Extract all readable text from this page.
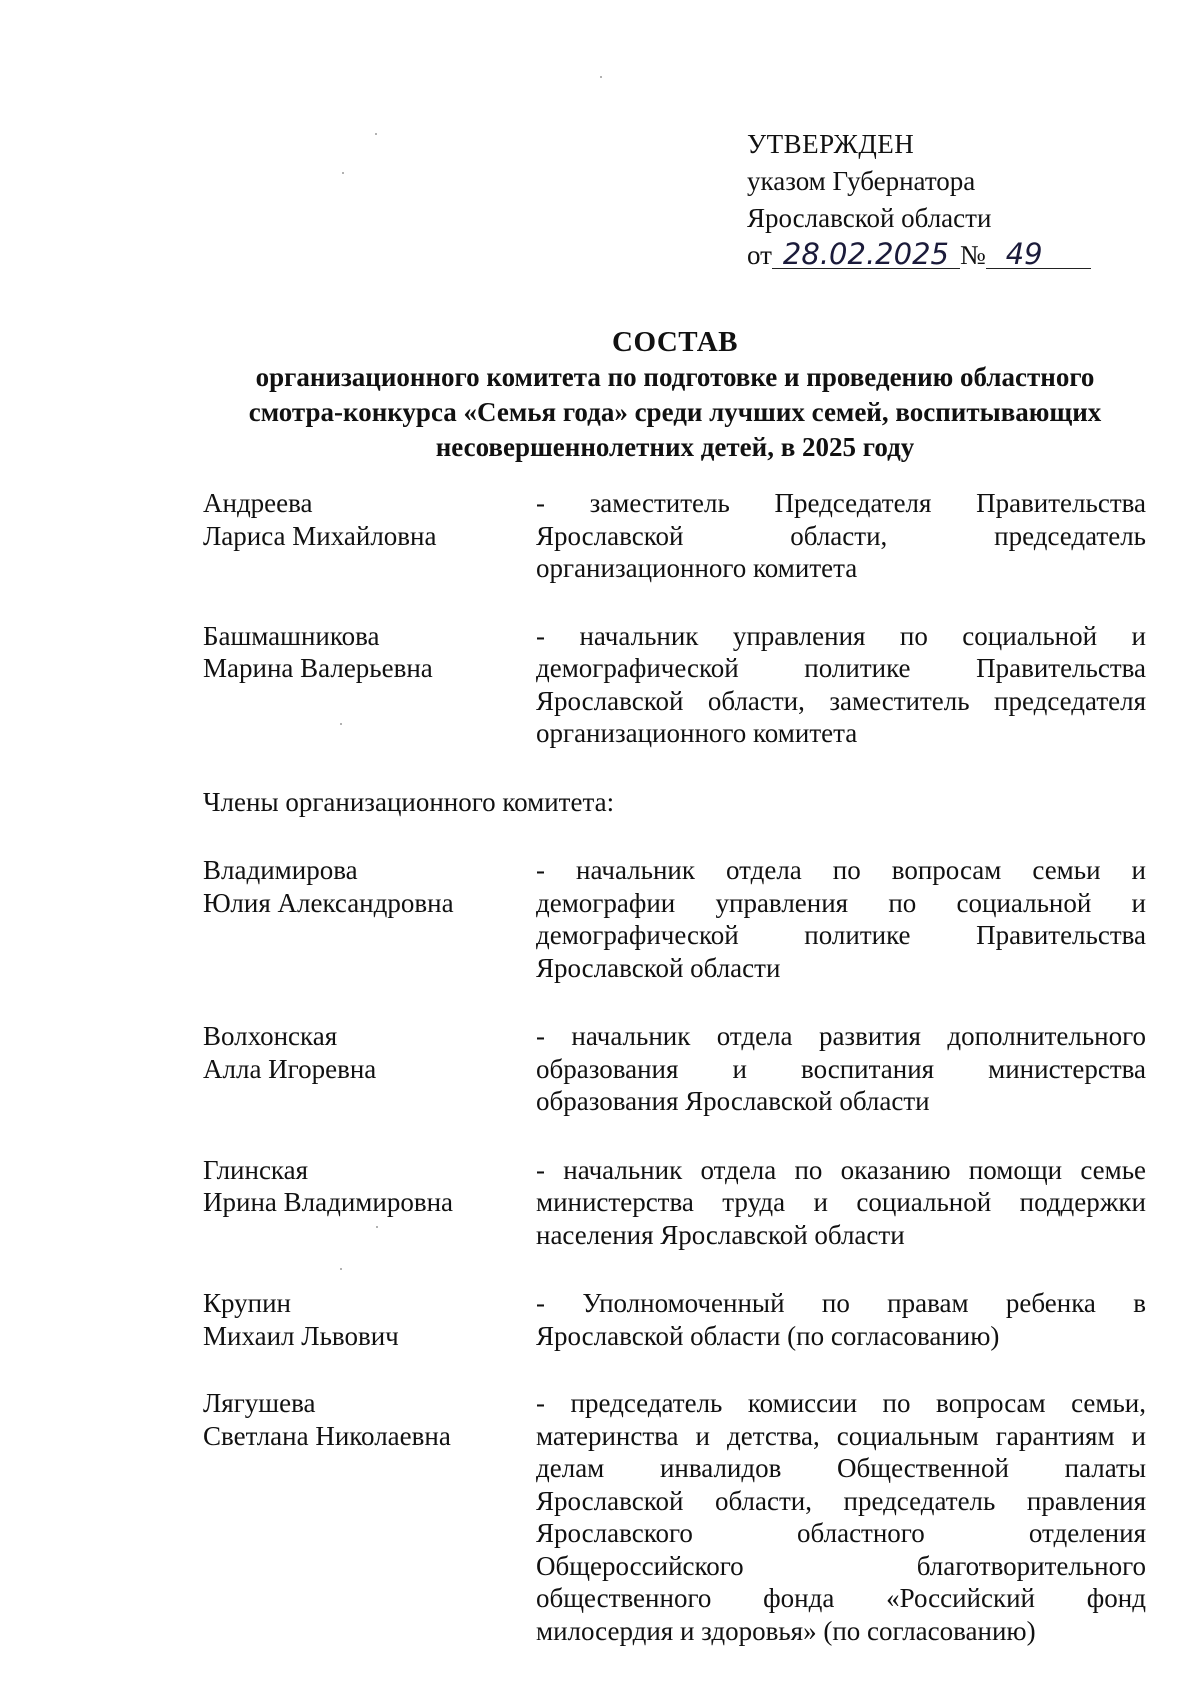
УТВЕРЖДЕН
указом Губернатора
Ярославской области
от 28.02.2025 № 49
СОСТАВ
организационного комитета по подготовке и проведению областного
смотра-конкурса «Семья года» среди лучших семей, воспитывающих
несовершеннолетних детей, в 2025 году
Андреева
Лариса Михайловна
- заместитель Председателя Правительства Ярославской области, председатель организационного комитета
Башмашникова
Марина Валерьевна
- начальник управления по социальной и демографической политике Правительства Ярославской области, заместитель председателя организационного комитета
Члены организационного комитета:
Владимирова
Юлия Александровна
- начальник отдела по вопросам семьи и демографии управления по социальной и демографической политике Правительства Ярославской области
Волхонская
Алла Игоревна
- начальник отдела развития дополнительного образования и воспитания министерства образования Ярославской области
Глинская
Ирина Владимировна
- начальник отдела по оказанию помощи семье министерства труда и социальной поддержки населения Ярославской области
Крупин
Михаил Львович
- Уполномоченный по правам ребенка в Ярославской области (по согласованию)
Лягушева
Светлана Николаевна
- председатель комиссии по вопросам семьи, материнства и детства, социальным гарантиям и делам инвалидов Общественной палаты Ярославской области, председатель правления Ярославского областного отделения Общероссийского благотворительного общественного фонда «Российский фонд милосердия и здоровья» (по согласованию)
